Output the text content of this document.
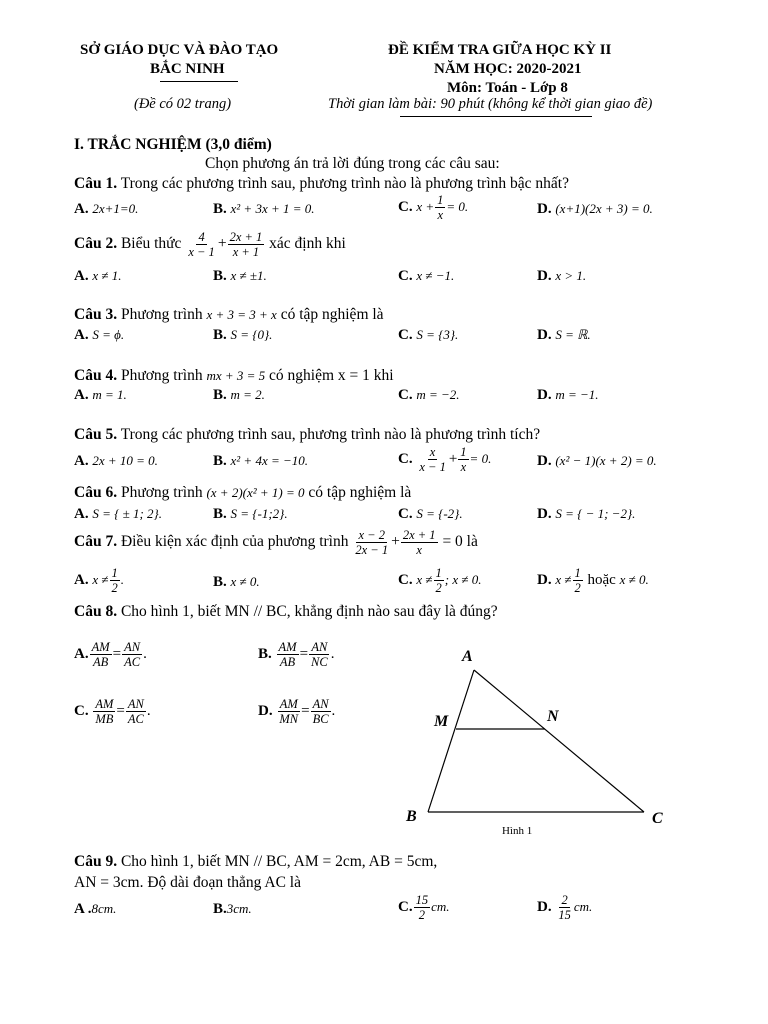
SỞ GIÁO DỤC VÀ ĐÀO TẠO
BẮC NINH
(Đề có 02 trang)
ĐỀ KIỂM TRA GIỮA HỌC KỲ II
NĂM HỌC: 2020-2021
Môn: Toán - Lớp 8
Thời gian làm bài: 90 phút (không kể thời gian giao đề)
I. TRẮC NGHIỆM (3,0 điểm)
Chọn phương án trả lời đúng trong các câu sau:
Câu 1. Trong các phương trình sau, phương trình nào là phương trình bậc nhất?
A. 2x+1=0.	B. x² + 3x + 1 = 0.	C. $x + \frac{1}{x} = 0$.	D. (x+1)(2x + 3) = 0.
Câu 2. Biểu thức $\frac{4}{x - 1} + \frac{2x + 1}{x + 1}$ xác định khi
A. x ≠ 1.	B. x ≠ ±1.	C. x ≠ −1.	D. x > 1.
Câu 3. Phương trình x + 3 = 3 + x có tập nghiệm là
A. S = ϕ.	B. S = {0}.	C. S = {3}.	D. S = ℝ.
Câu 4. Phương trình mx + 3 = 5 có nghiệm x = 1 khi
A. m = 1.	B. m = 2.	C. m = −2.	D. m = −1.
Câu 5. Trong các phương trình sau, phương trình nào là phương trình tích?
A. 2x + 10 = 0.	B. x² + 4x = −10.	C. $\frac{x}{x - 1} + \frac{1}{x} = 0$.	D. (x² − 1)(x + 2) = 0.
Câu 6. Phương trình (x + 2)(x² + 1) = 0 có tập nghiệm là
A. S = { ± 1; 2}.	B. S = {-1;2}.	C. S = {-2}.	D. S = { − 1; −2}.
Câu 7. Điều kiện xác định của phương trình $\frac{x - 2}{2x - 1} + \frac{2x + 1}{x} = 0$ là
A. $x \ne \frac{1}{2}$ .	B. x ≠ 0.	C. $x \ne \frac{1}{2}$ ; x ≠ 0.	D. $x \ne \frac{1}{2}$ hoặc x ≠ 0.
Câu 8. Cho hình 1, biết MN // BC, khẳng định nào sau đây là đúng?
A. $\frac{AM}{AB} = \frac{AN}{AC}$ .	B. $\frac{AM}{AB} = \frac{AN}{NC}$ .
C. $\frac{AM}{MB} = \frac{AN}{AC}$ .	D. $\frac{AM}{MN} = \frac{AN}{BC}$ .
A
M	N
B	C
Hình 1
Câu 9. Cho hình 1, biết MN // BC, AM = 2cm, AB = 5cm,
AN = 3cm. Độ dài đoạn thẳng AC là
A .8cm.	B.3cm.	C. $\frac{15}{2}$ cm.	D. $\frac{2}{15}$ cm.
